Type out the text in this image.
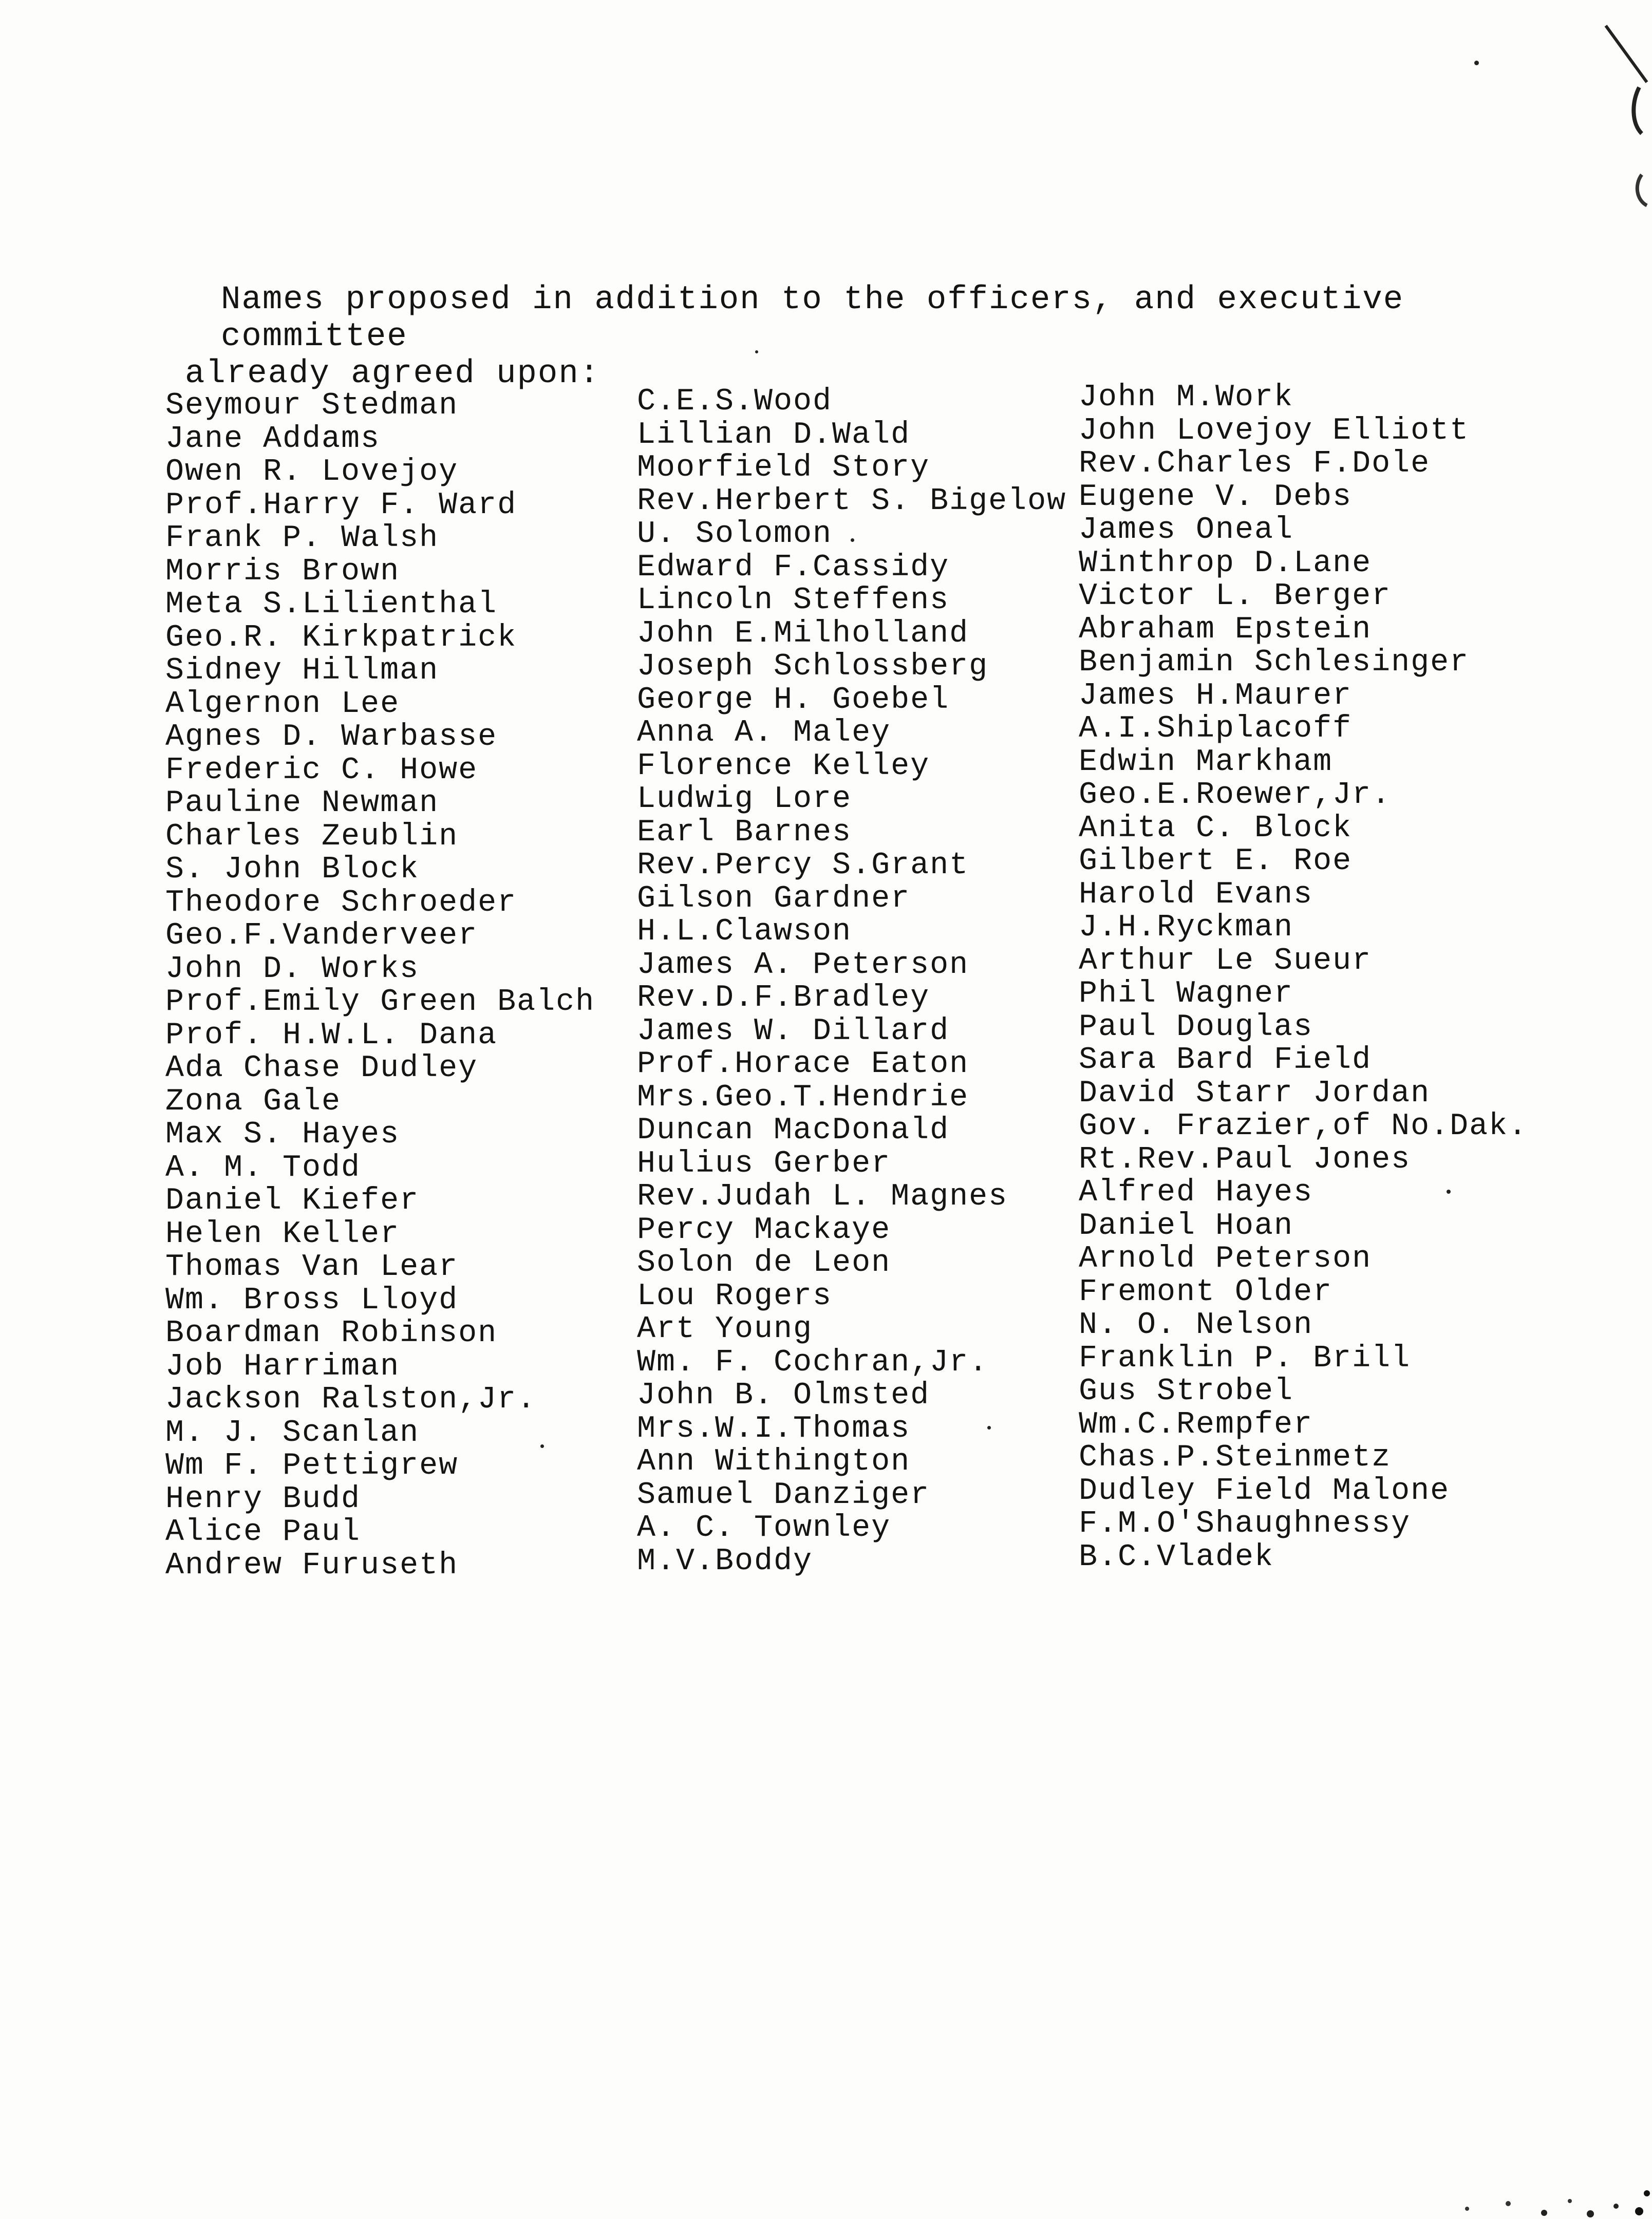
Names proposed in addition to the officers, and executive committee
already agreed upon:

Seymour Stedman
Jane Addams
Owen R. Lovejoy
Prof.Harry F. Ward
Frank P. Walsh
Morris Brown
Meta S.Lilienthal
Geo.R. Kirkpatrick
Sidney Hillman
Algernon Lee
Agnes D. Warbasse
Frederic C. Howe
Pauline Newman
Charles Zeublin
S. John Block
Theodore Schroeder
Geo.F.Vanderveer
John D. Works
Prof.Emily Green Balch
Prof. H.W.L. Dana
Ada Chase Dudley
Zona Gale
Max S. Hayes
A. M. Todd
Daniel Kiefer
Helen Keller
Thomas Van Lear
Wm. Bross Lloyd
Boardman Robinson
Job Harriman
Jackson Ralston,Jr.
M. J. Scanlan
Wm F. Pettigrew
Henry Budd
Alice Paul
Andrew Furuseth
C.E.S.Wood
Lillian D.Wald
Moorfield Story
Rev.Herbert S. Bigelow
U. Solomon
Edward F.Cassidy
Lincoln Steffens
John E.Milholland
Joseph Schlossberg
George H. Goebel
Anna A. Maley
Florence Kelley
Ludwig Lore
Earl Barnes
Rev.Percy S.Grant
Gilson Gardner
H.L.Clawson
James A. Peterson
Rev.D.F.Bradley
James W. Dillard
Prof.Horace Eaton
Mrs.Geo.T.Hendrie
Duncan MacDonald
Hulius Gerber
Rev.Judah L. Magnes
Percy Mackaye
Solon de Leon
Lou Rogers
Art Young
Wm. F. Cochran,Jr.
John B. Olmsted
Mrs.W.I.Thomas
Ann Withington
Samuel Danziger
A. C. Townley
M.V.Boddy
John M.Work
John Lovejoy Elliott
Rev.Charles F.Dole
Eugene V. Debs
James Oneal
Winthrop D.Lane
Victor L. Berger
Abraham Epstein
Benjamin Schlesinger
James H.Maurer
A.I.Shiplacoff
Edwin Markham
Geo.E.Roewer,Jr.
Anita C. Block
Gilbert E. Roe
Harold Evans
J.H.Ryckman
Arthur Le Sueur
Phil Wagner
Paul Douglas
Sara Bard Field
David Starr Jordan
Gov. Frazier,of No.Dak.
Rt.Rev.Paul Jones
Alfred Hayes
Daniel Hoan
Arnold Peterson
Fremont Older
N. O. Nelson
Franklin P. Brill
Gus Strobel
Wm.C.Rempfer
Chas.P.Steinmetz
Dudley Field Malone
F.M.O'Shaughnessy
B.C.Vladek
